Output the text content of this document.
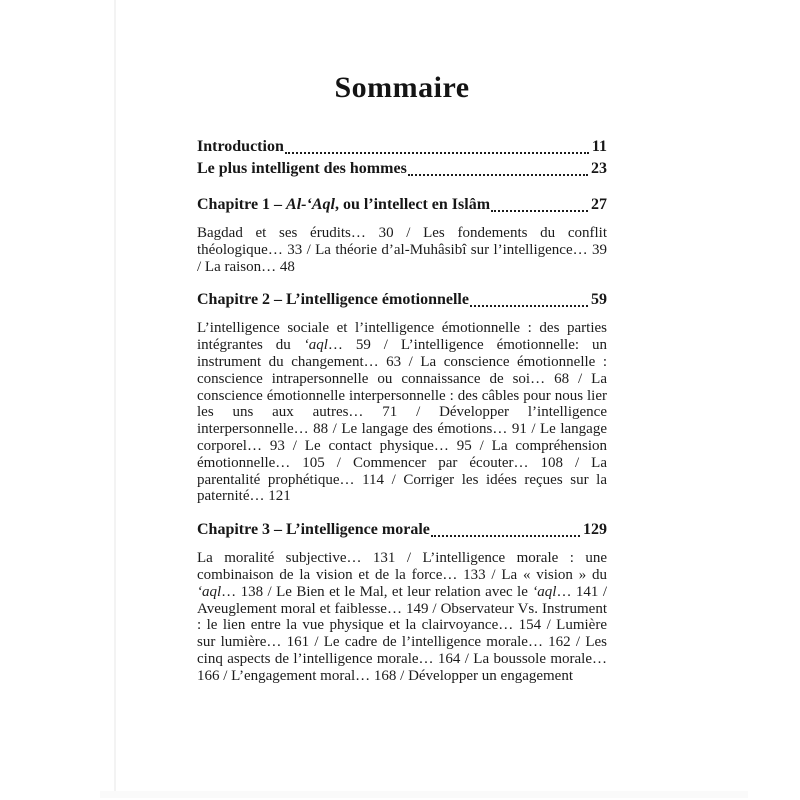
Sommaire
Introduction	11
Le plus intelligent des hommes	23
Chapitre 1 – Al-‘Aql, ou l’intellect en Islâm	27

Bagdad et ses érudits… 30 / Les fondements du conflit théologique… 33 / La théorie d’al-Muhâsibî sur l’intelligence… 39 / La raison… 48

Chapitre 2 – L’intelligence émotionnelle	59

L’intelligence sociale et l’intelligence émotionnelle : des parties intégrantes du ‘aql… 59 / L’intelligence émotionnelle: un instrument du changement… 63 / La conscience émotionnelle : conscience intrapersonnelle ou connaissance de soi… 68 / La conscience émotionnelle interpersonnelle : des câbles pour nous lier les uns aux autres… 71 / Développer l’intelligence interpersonnelle… 88 / Le langage des émotions… 91 / Le langage corporel… 93 / Le contact physique… 95 / La compréhension émotionnelle… 105 / Commencer par écouter… 108 / La parentalité prophétique… 114 / Corriger les idées reçues sur la paternité… 121

Chapitre 3 – L’intelligence morale	129

La moralité subjective… 131 / L’intelligence morale : une combinaison de la vision et de la force… 133 / La « vision » du ‘aql… 138 / Le Bien et le Mal, et leur relation avec le ‘aql… 141 / Aveuglement moral et faiblesse… 149 / Observateur Vs. Instrument : le lien entre la vue physique et la clairvoyance… 154 / Lumière sur lumière… 161 / Le cadre de l’intelligence morale… 162 / Les cinq aspects de l’intelligence morale… 164 / La boussole morale… 166 / L’engagement moral… 168 / Développer un engagement
